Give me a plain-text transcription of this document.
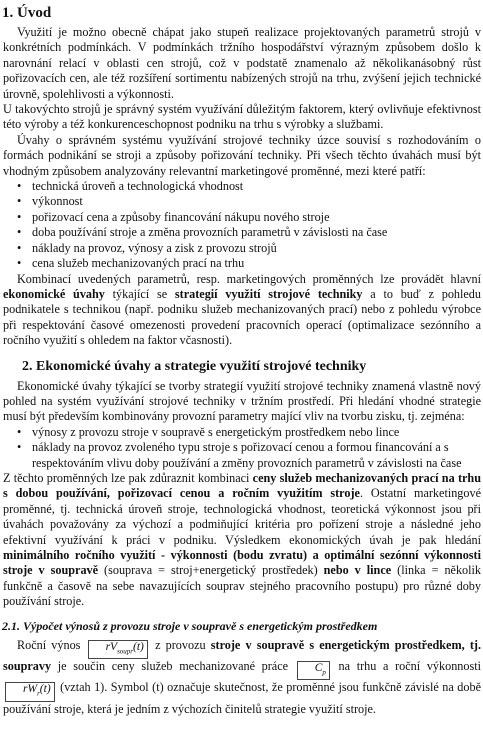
1. Úvod

Využití je možno obecně chápat jako stupeň realizace projektovaných parametrů strojů v konkrétních podmínkách. V podmínkách tržního hospodářství výrazným způsobem došlo k narovnání relací v oblasti cen strojů, což v podstatě znamenalo až několikanásobný růst pořizovacích cen, ale též rozšíření sortimentu nabízených strojů na trhu, zvýšení jejich technické úrovně, spolehlivosti a výkonnosti.

U takovýchto strojů je správný systém využívání důležitým faktorem, který ovlivňuje efektivnost této výroby a též konkurenceschopnost podniku na trhu s výrobky a službami.

Úvahy o správném systému využívání strojové techniky úzce souvisí s rozhodováním o formách podnikání se stroji a způsoby pořizování techniky. Při všech těchto úvahách musí být vhodným způsobem analyzovány relevantní marketingové proměnné, mezi které patří:

• technická úroveň a technologická vhodnost
• výkonnost
• pořizovací cena a způsoby financování nákupu nového stroje
• doba používání stroje a změna provozních parametrů v závislosti na čase
• náklady na provoz, výnosy a zisk z provozu strojů
• cena služeb mechanizovaných prací na trhu

Kombinací uvedených parametrů, resp. marketingových proměnných lze provádět hlavní ekonomické úvahy týkající se strategií využití strojové techniky a to buď z pohledu podnikatele s technikou (např. podniku služeb mechanizovaných prací) nebo z pohledu výrobce při respektování časové omezenosti provedení pracovních operací (optimalizace sezónního a ročního využití s ohledem na faktor včasnosti).

2. Ekonomické úvahy a strategie využití strojové techniky

Ekonomické úvahy týkající se tvorby strategií využití strojové techniky znamená vlastně nový pohled na systém využívání strojové techniky v tržním prostředí. Při hledání vhodné strategie musí být především kombinovány provozní parametry mající vliv na tvorbu zisku, tj. zejména:

• výnosy z provozu stroje v soupravě s energetickým prostředkem nebo lince
• náklady na provoz zvoleného typu stroje s pořizovací cenou a formou financování a s respektováním vlivu doby používání a změny provozních parametrů v závislosti na čase

Z těchto proměnných lze pak zdůraznit kombinaci ceny služeb mechanizovaných prací na trhu s dobou používání, pořizovací cenou a ročním využitím stroje. Ostatní marketingové proměnné, tj. technická úroveň stroje, technologická vhodnost, teoretická výkonnost jsou při úvahách považovány za výchozí a podmiňující kritéria pro pořízení stroje a následné jeho efektivní využívání k práci v podniku. Výsledkem ekonomických úvah je pak hledání minimálního ročního využití - výkonnosti (bodu zvratu) a optimální sezónní výkonnosti stroje v soupravě (souprava = stroj+energetický prostředek) nebo v lince (linka = několik funkčně a časově na sebe navazujících souprav stejného pracovního postupu) pro různé doby používání stroje.

2.1. Výpočet výnosů z provozu stroje v soupravě s energetickým prostředkem

Roční výnos $rV_{soupr}(t)$ z provozu stroje v soupravě s energetickým prostředkem, tj. soupravy je součin ceny služeb mechanizované práce $C_p$ na trhu a roční výkonnosti $rW_r(t)$ (vztah 1). Symbol (t) označuje skutečnost, že proměnné jsou funkčně závislé na době používání stroje, která je jedním z výchozích činitelů strategie využití stroje.
